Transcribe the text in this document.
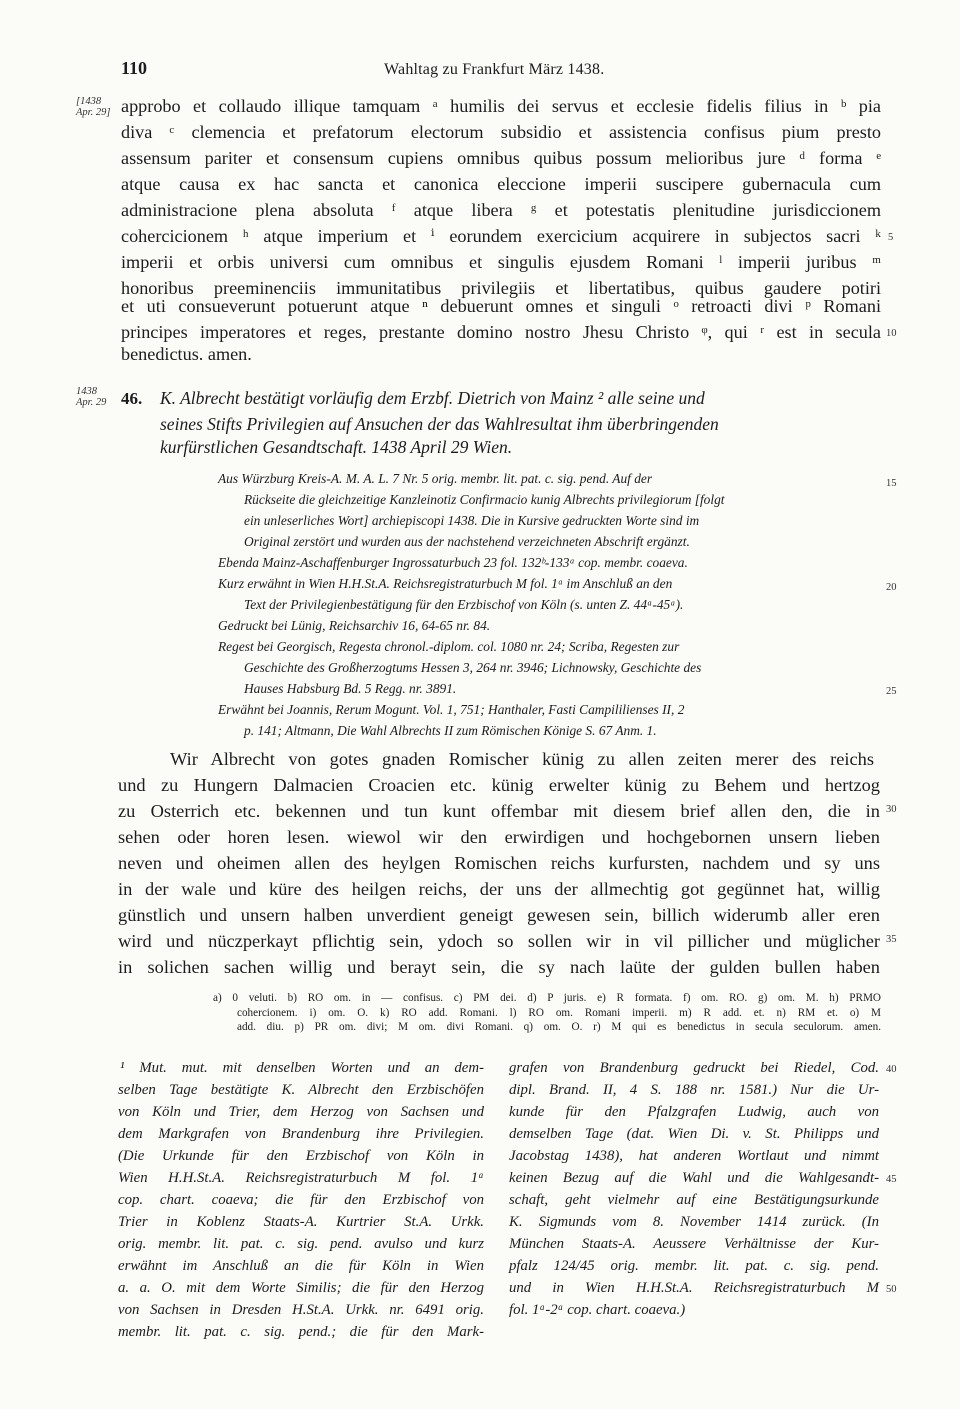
110	Wahltag zu Frankfurt März 1438.
[1438
Apr. 29]
1438
Apr. 29
approbo et collaudo illique tamquam ᵃ humilis dei servus et ecclesie fidelis filius in ᵇ pia
diva ᶜ clemencia et prefatorum electorum subsidio et assistencia confisus pium presto
assensum pariter et consensum cupiens omnibus quibus possum melioribus jure ᵈ forma ᵉ
atque causa ex hac sancta et canonica eleccione imperii suscipere gubernacula cum
administracione plena absoluta ᶠ atque libera ᵍ et potestatis plenitudine jurisdiccionem
cohercicionem ʰ atque imperium et ⁱ eorundem exercicium acquirere in subjectos sacri ᵏ
imperii et orbis universi cum omnibus et singulis ejusdem Romani ˡ imperii juribus ᵐ
honoribus preeminenciis immunitatibus privilegiis et libertatibus, quibus gaudere potiri
et uti consueverunt potuerunt atque ⁿ debuerunt omnes et singuli ᵒ retroacti divi ᵖ Romani
principes imperatores et reges, prestante domino nostro Jhesu Christo ᵠ, qui ʳ est in secula
benedictus. amen.
46. K. Albrecht bestätigt vorläufig dem Erzbf. Dietrich von Mainz ² alle seine und
seines Stifts Privilegien auf Ansuchen der das Wahlresultat ihm überbringenden
kurfürstlichen Gesandtschaft. 1438 April 29 Wien.
Aus Würzburg Kreis-A. M. A. L. 7 Nr. 5 orig. membr. lit. pat. c. sig. pend. Auf der
Rückseite die gleichzeitige Kanzleinotiz Confirmacio kunig Albrechts privilegiorum [folgt
ein unleserliches Wort] archiepiscopi 1438. Die in Kursive gedruckten Worte sind im
Original zerstört und wurden aus der nachstehend verzeichneten Abschrift ergänzt.
Ebenda Mainz-Aschaffenburger Ingrossaturbuch 23 fol. 132ᵇ-133ᵃ cop. membr. coaeva.
Kurz erwähnt in Wien H.H.St.A. Reichsregistraturbuch M fol. 1ᵃ im Anschluß an den
Text der Privilegienbestätigung für den Erzbischof von Köln (s. unten Z. 44ᵃ-45ᵃ).
Gedruckt bei Lünig, Reichsarchiv 16, 64-65 nr. 84.
Regest bei Georgisch, Regesta chronol.-diplom. col. 1080 nr. 24; Scriba, Regesten zur
Geschichte des Großherzogtums Hessen 3, 264 nr. 3946; Lichnowsky, Geschichte des
Hauses Habsburg Bd. 5 Regg. nr. 3891.
Erwähnt bei Joannis, Rerum Mogunt. Vol. 1, 751; Hanthaler, Fasti Campililienses II, 2
p. 141; Altmann, Die Wahl Albrechts II zum Römischen Könige S. 67 Anm. 1.
Wir Albrecht von gotes gnaden Romischer künig zu allen zeiten merer des reichs
und zu Hungern Dalmacien Croacien etc. künig erwelter künig zu Behem und hertzog
zu Osterrich etc. bekennen und tun kunt offembar mit diesem brief allen den, die in
sehen oder horen lesen. wiewol wir den erwirdigen und hochgebornen unsern lieben
neven und oheimen allen des heylgen Romischen reichs kurfursten, nachdem und sy uns
in der wale und küre des heilgen reichs, der uns der allmechtig got gegünnet hat, willig
günstlich und unsern halben unverdient geneigt gewesen sein, billich widerumb aller eren
wird und nüczperkayt pflichtig sein, ydoch so sollen wir in vil pillicher und müglicher
in solichen sachen willig und berayt sein, die sy nach laüte der gulden bullen haben
a) 0 veluti. b) RO om. in — confisus. c) PM dei. d) P juris. e) R formata. f) om. RO. g) om. M. h) PRMO
cohercionem. i) om. O. k) RO add. Romani. l) RO om. Romani imperii. m) R add. et. n) RM et. o) M
add. diu. p) PR om. divi; M om. divi Romani. q) om. O. r) M qui es benedictus in secula seculorum. amen.
¹ Mut. mut. mit denselben Worten und an dem-
selben Tage bestätigte K. Albrecht den Erzbischöfen
von Köln und Trier, dem Herzog von Sachsen und
dem Markgrafen von Brandenburg ihre Privilegien.
(Die Urkunde für den Erzbischof von Köln in
Wien H.H.St.A. Reichsregistraturbuch M fol. 1ᵃ
cop. chart. coaeva; die für den Erzbischof von
Trier in Koblenz Staats-A. Kurtrier St.A. Urkk.
orig. membr. lit. pat. c. sig. pend. avulso und kurz
erwähnt im Anschluß an die für Köln in Wien
a. a. O. mit dem Worte Similis; die für den Herzog
von Sachsen in Dresden H.St.A. Urkk. nr. 6491 orig.
membr. lit. pat. c. sig. pend.; die für den Mark-
grafen von Brandenburg gedruckt bei Riedel, Cod.
dipl. Brand. II, 4 S. 188 nr. 1581.) Nur die Ur-
kunde für den Pfalzgrafen Ludwig, auch von
demselben Tage (dat. Wien Di. v. St. Philipps und
Jacobstag 1438), hat anderen Wortlaut und nimmt
keinen Bezug auf die Wahl und die Wahlgesandt-
schaft, geht vielmehr auf eine Bestätigungsurkunde
K. Sigmunds vom 8. November 1414 zurück. (In
München Staats-A. Aeussere Verhältnisse der Kur-
pfalz 124/45 orig. membr. lit. pat. c. sig. pend.
und in Wien H.H.St.A. Reichsregistraturbuch M
fol. 1ᵃ-2ᵃ cop. chart. coaeva.)
5
10
15
20
25
30
35
40
45
50
